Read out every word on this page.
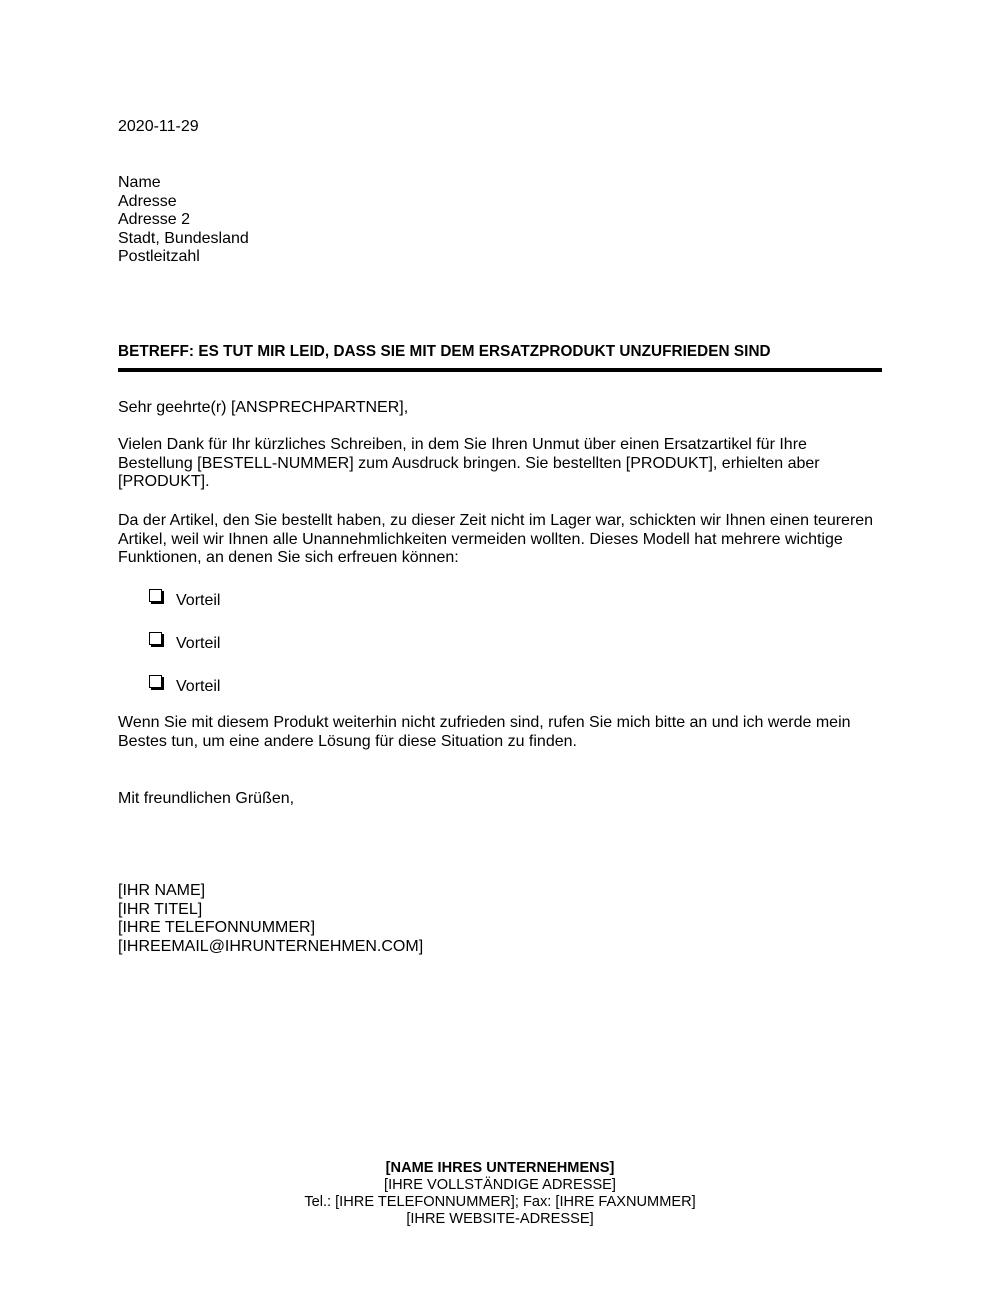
2020-11-29
Name
Adresse
Adresse 2
Stadt, Bundesland
Postleitzahl
BETREFF: ES TUT MIR LEID, DASS SIE MIT DEM ERSATZPRODUKT UNZUFRIEDEN SIND
Sehr geehrte(r) [ANSPRECHPARTNER],
Vielen Dank für Ihr kürzliches Schreiben, in dem Sie Ihren Unmut über einen Ersatzartikel für Ihre Bestellung [BESTELL-NUMMER] zum Ausdruck bringen. Sie bestellten [PRODUKT], erhielten aber [PRODUKT].
Da der Artikel, den Sie bestellt haben, zu dieser Zeit nicht im Lager war, schickten wir Ihnen einen teureren Artikel, weil wir Ihnen alle Unannehmlichkeiten vermeiden wollten. Dieses Modell hat mehrere wichtige Funktionen, an denen Sie sich erfreuen können:
Vorteil
Vorteil
Vorteil
Wenn Sie mit diesem Produkt weiterhin nicht zufrieden sind, rufen Sie mich bitte an und ich werde mein Bestes tun, um eine andere Lösung für diese Situation zu finden.
Mit freundlichen Grüßen,
[IHR NAME]
[IHR TITEL]
[IHRE TELEFONNUMMER]
[IHREEMAIL@IHRUNTERNEHMEN.COM]
[NAME IHRES UNTERNEHMENS]
[IHRE VOLLSTÄNDIGE ADRESSE]
Tel.: [IHRE TELEFONNUMMER]; Fax: [IHRE FAXNUMMER]
[IHRE WEBSITE-ADRESSE]
